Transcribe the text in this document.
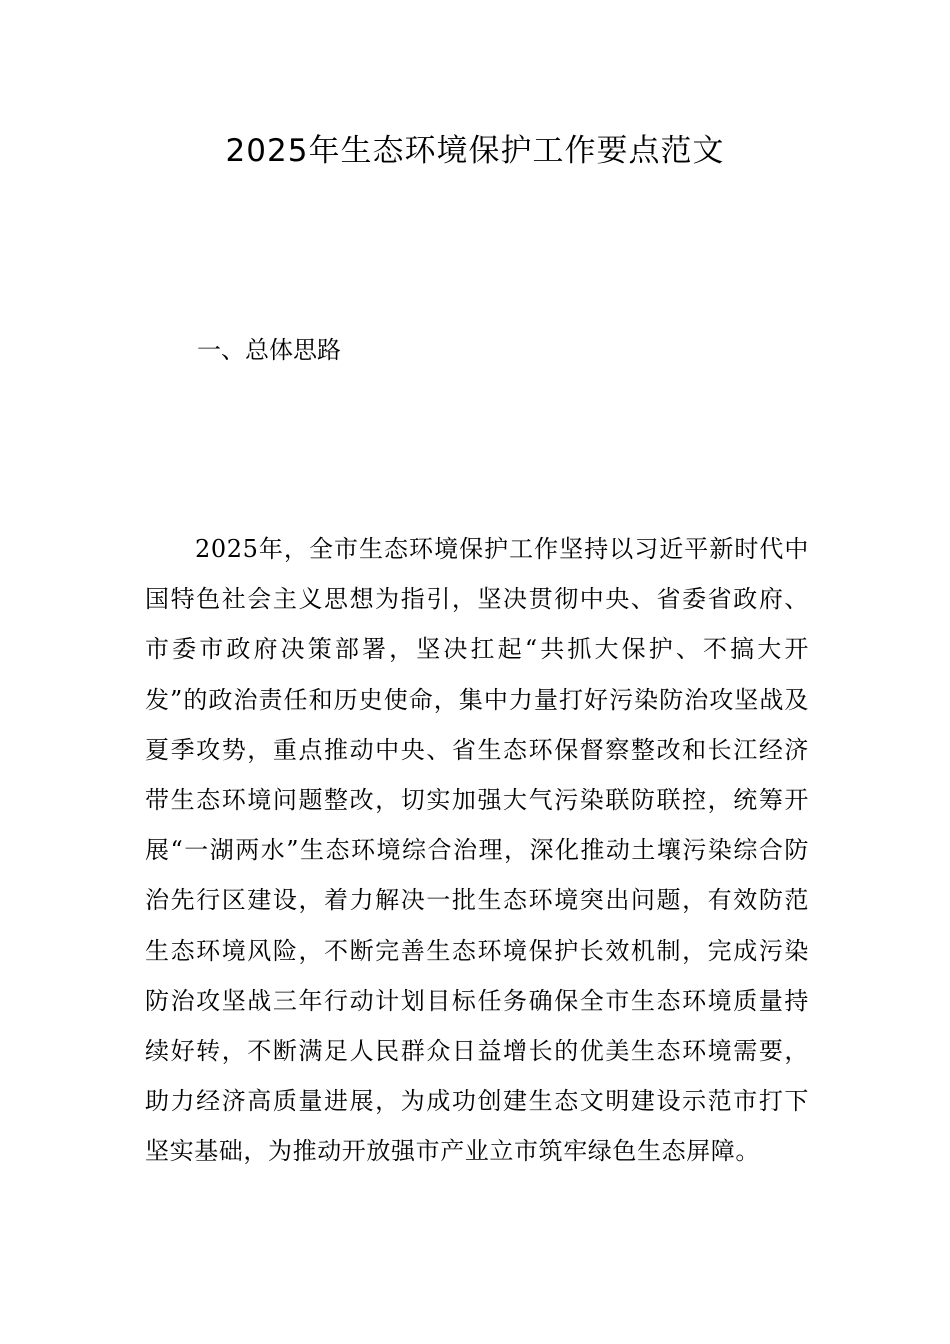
2025年生态环境保护工作要点范文
一、总体思路

2025年，全市生态环境保护工作坚持以习近平新时代中国特色社会主义思想为指引，坚决贯彻中央、省委省政府、市委市政府决策部署，坚决扛起“共抓大保护、不搞大开发”的政治责任和历史使命，集中力量打好污染防治攻坚战及夏季攻势，重点推动中央、省生态环保督察整改和长江经济带生态环境问题整改，切实加强大气污染联防联控，统筹开展“一湖两水”生态环境综合治理，深化推动土壤污染综合防治先行区建设，着力解决一批生态环境突出问题，有效防范生态环境风险，不断完善生态环境保护长效机制，完成污染防治攻坚战三年行动计划目标任务确保全市生态环境质量持续好转，不断满足人民群众日益增长的优美生态环境需要，助力经济高质量进展，为成功创建生态文明建设示范市打下坚实基础，为推动开放强市产业立市筑牢绿色生态屏障。
